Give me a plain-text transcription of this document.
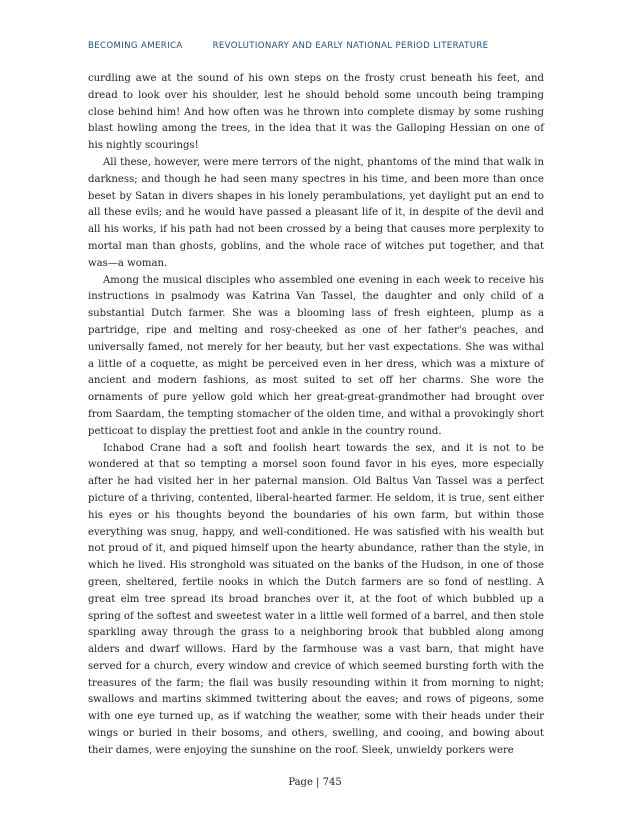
BECOMING AMERICA	REVOLUTIONARY AND EARLY NATIONAL PERIOD LITERATURE

curdling awe at the sound of his own steps on the frosty crust beneath his feet, and dread to look over his shoulder, lest he should behold some uncouth being tramping close behind him! And how often was he thrown into complete dismay by some rushing blast howling among the trees, in the idea that it was the Galloping Hessian on one of his nightly scourings!

All these, however, were mere terrors of the night, phantoms of the mind that walk in darkness; and though he had seen many spectres in his time, and been more than once beset by Satan in divers shapes in his lonely perambulations, yet daylight put an end to all these evils; and he would have passed a pleasant life of it, in despite of the devil and all his works, if his path had not been crossed by a being that causes more perplexity to mortal man than ghosts, goblins, and the whole race of witches put together, and that was—a woman.

Among the musical disciples who assembled one evening in each week to receive his instructions in psalmody was Katrina Van Tassel, the daughter and only child of a substantial Dutch farmer. She was a blooming lass of fresh eighteen, plump as a partridge, ripe and melting and rosy-cheeked as one of her father's peaches, and universally famed, not merely for her beauty, but her vast expectations. She was withal a little of a coquette, as might be perceived even in her dress, which was a mixture of ancient and modern fashions, as most suited to set off her charms. She wore the ornaments of pure yellow gold which her great-great-grandmother had brought over from Saardam, the tempting stomacher of the olden time, and withal a provokingly short petticoat to display the prettiest foot and ankle in the country round.

Ichabod Crane had a soft and foolish heart towards the sex, and it is not to be wondered at that so tempting a morsel soon found favor in his eyes, more especially after he had visited her in her paternal mansion. Old Baltus Van Tassel was a perfect picture of a thriving, contented, liberal-hearted farmer. He seldom, it is true, sent either his eyes or his thoughts beyond the boundaries of his own farm, but within those everything was snug, happy, and well-conditioned. He was satisfied with his wealth but not proud of it, and piqued himself upon the hearty abundance, rather than the style, in which he lived. His stronghold was situated on the banks of the Hudson, in one of those green, sheltered, fertile nooks in which the Dutch farmers are so fond of nestling. A great elm tree spread its broad branches over it, at the foot of which bubbled up a spring of the softest and sweetest water in a little well formed of a barrel, and then stole sparkling away through the grass to a neighboring brook that bubbled along among alders and dwarf willows. Hard by the farmhouse was a vast barn, that might have served for a church, every window and crevice of which seemed bursting forth with the treasures of the farm; the flail was busily resounding within it from morning to night; swallows and martins skimmed twittering about the eaves; and rows of pigeons, some with one eye turned up, as if watching the weather, some with their heads under their wings or buried in their bosoms, and others, swelling, and cooing, and bowing about their dames, were enjoying the sunshine on the roof. Sleek, unwieldy porkers were

Page | 745
